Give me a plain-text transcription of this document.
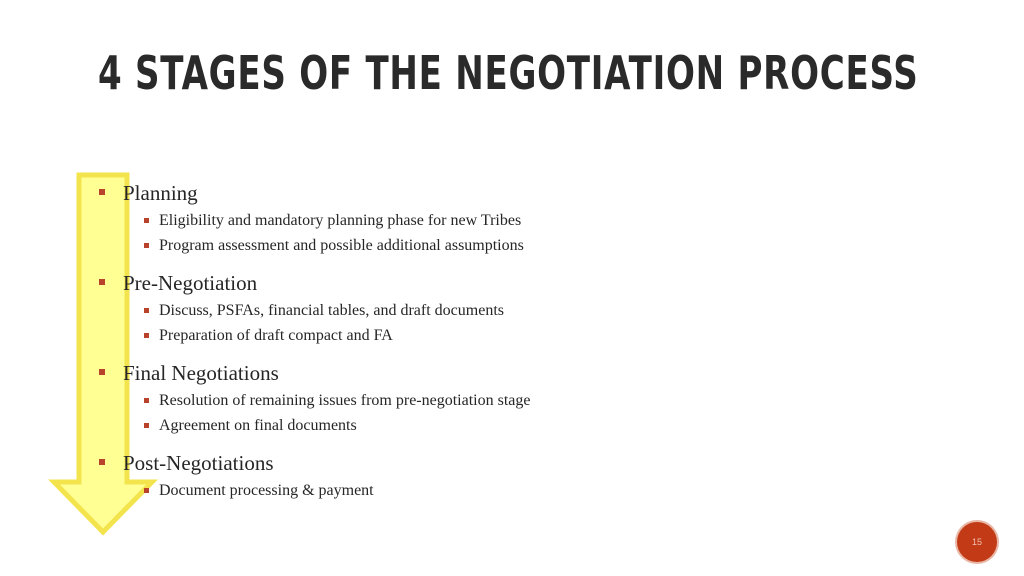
4 STAGES OF THE NEGOTIATION PROCESS
Planning
Eligibility and mandatory planning phase for new Tribes
Program assessment and possible additional assumptions
Pre-Negotiation
Discuss, PSFAs, financial tables, and draft documents
Preparation of draft compact and FA
Final Negotiations
Resolution of remaining issues from pre-negotiation stage
Agreement on final documents
Post-Negotiations
Document processing & payment
15
